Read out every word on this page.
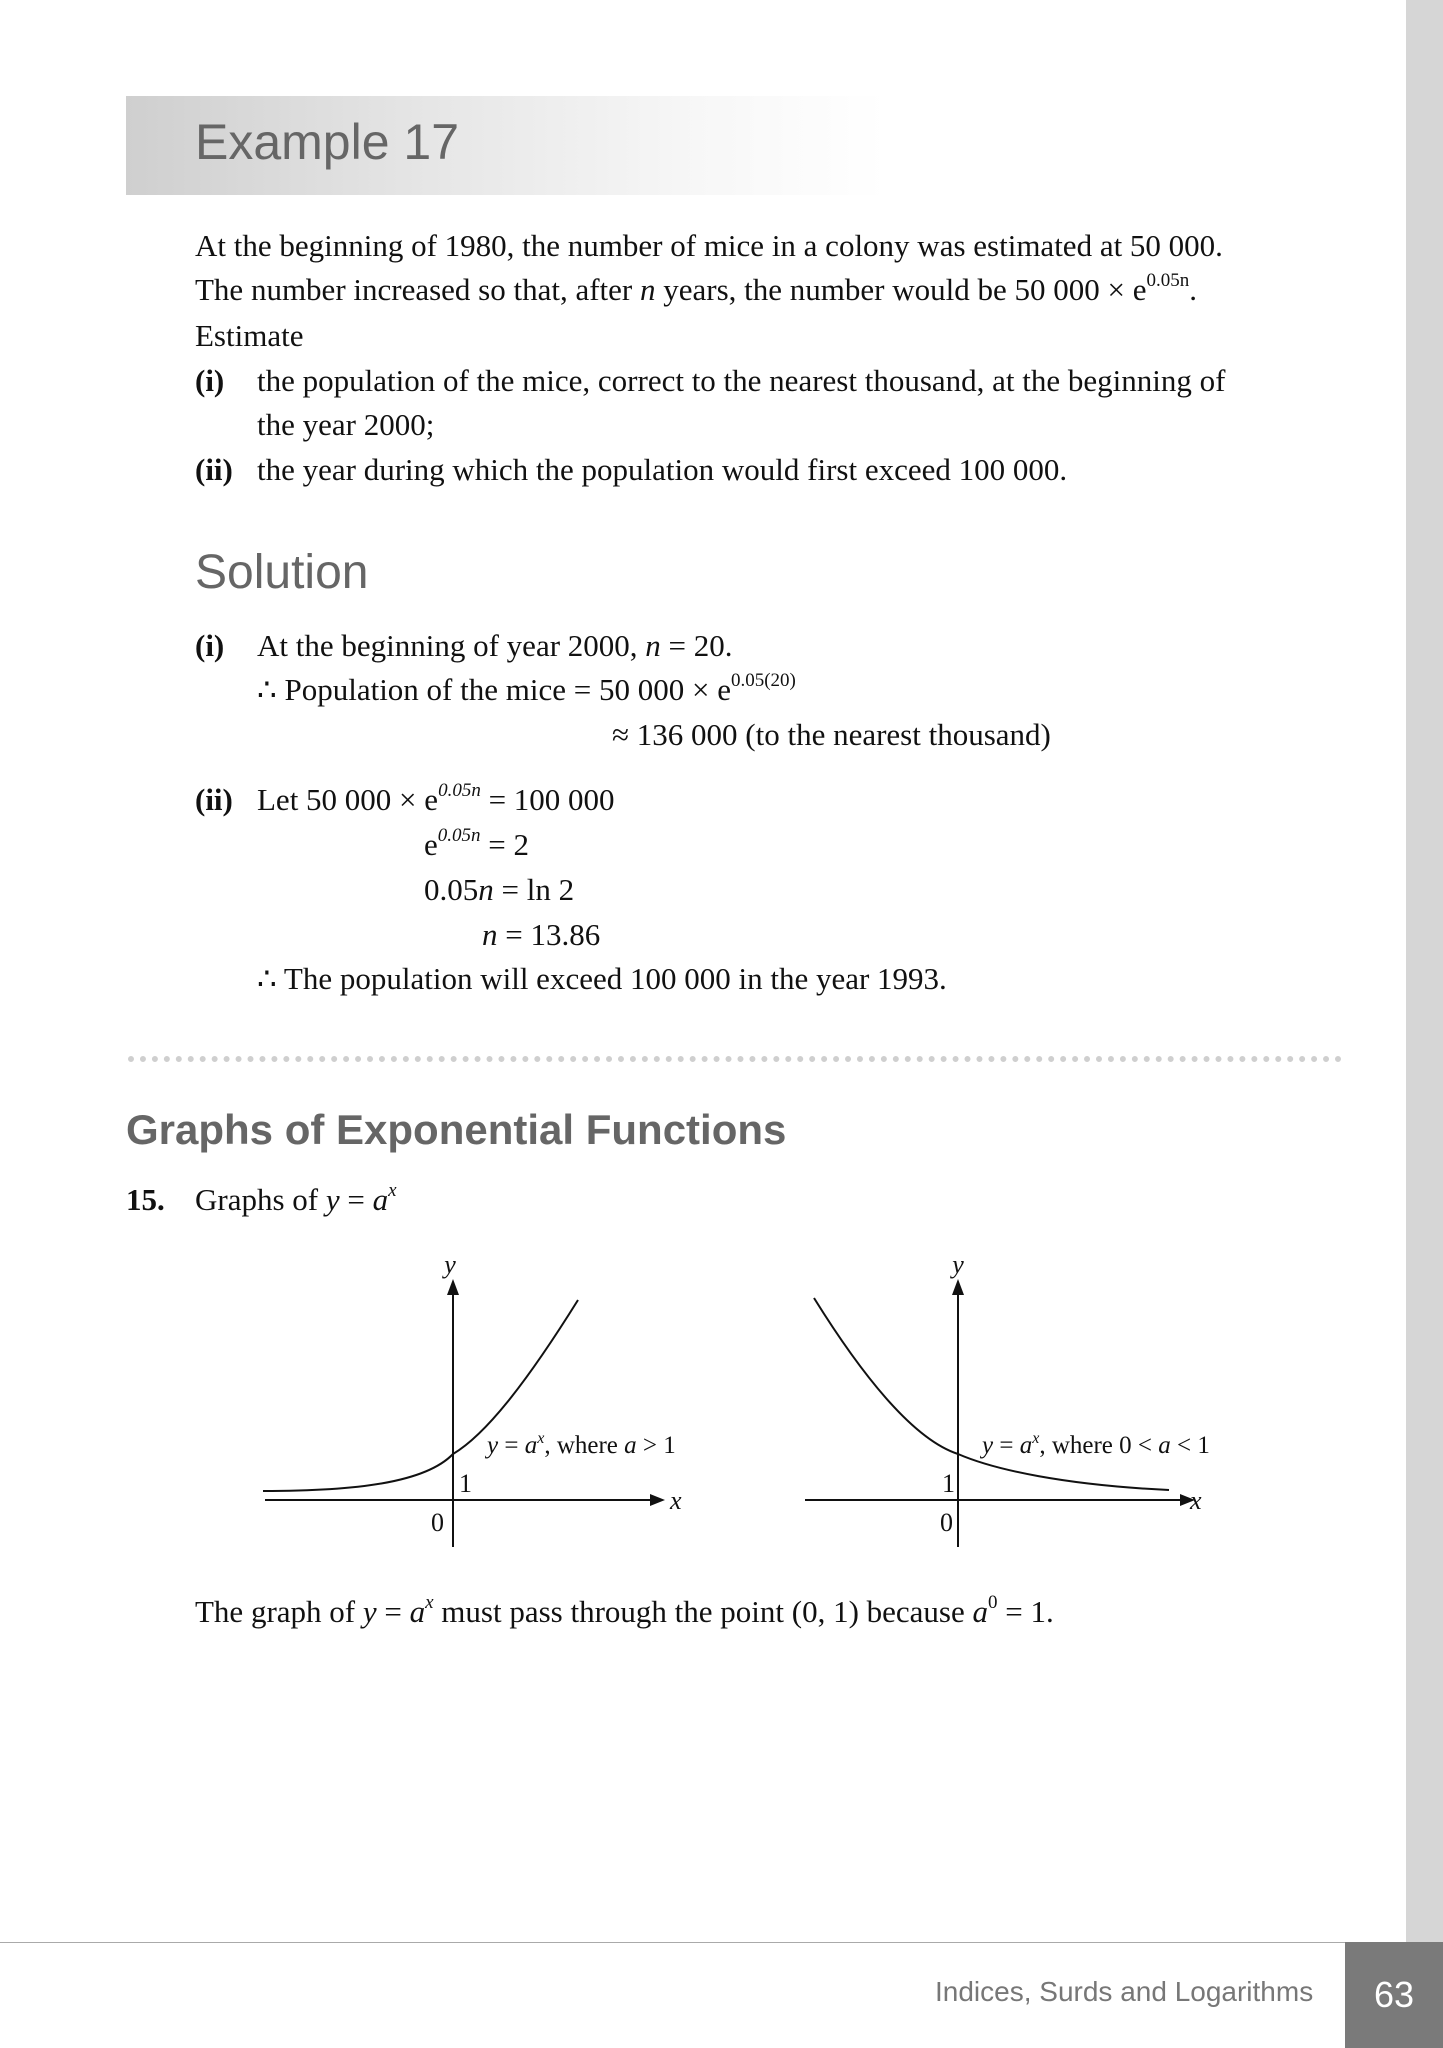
Example 17
At the beginning of 1980, the number of mice in a colony was estimated at 50 000.
The number increased so that, after n years, the number would be 50 $000 \times e^{0.05n}$.
Estimate
(i) the population of the mice, correct to the nearest thousand, at the beginning of
the year 2000;
(ii) the year during which the population would first exceed 100 000.
Solution
(i) At the beginning of year 2000, n = 20.
∴ Population of the mice = 50 $000 \times e^{0.05(20)}$
≈ 136 000 (to the nearest thousand)
(ii) Let 50 $000 \times e^{0.05n} = 100$ 000
$e^{0.05n} = 2$
0.05n = ln 2
n = 13.86
∴ The population will exceed 100 000 in the year 1993.
Graphs of Exponential Functions
15. Graphs of $y = a^x$
y
x
0
1
$y = a^x$, where a > 1
y
x
0
1
$y = a^x$, where 0 < a < 1
The graph of $y = a^x$ must pass through the point (0, 1) because $a^0 = 1$.
Indices, Surds and Logarithms	63
